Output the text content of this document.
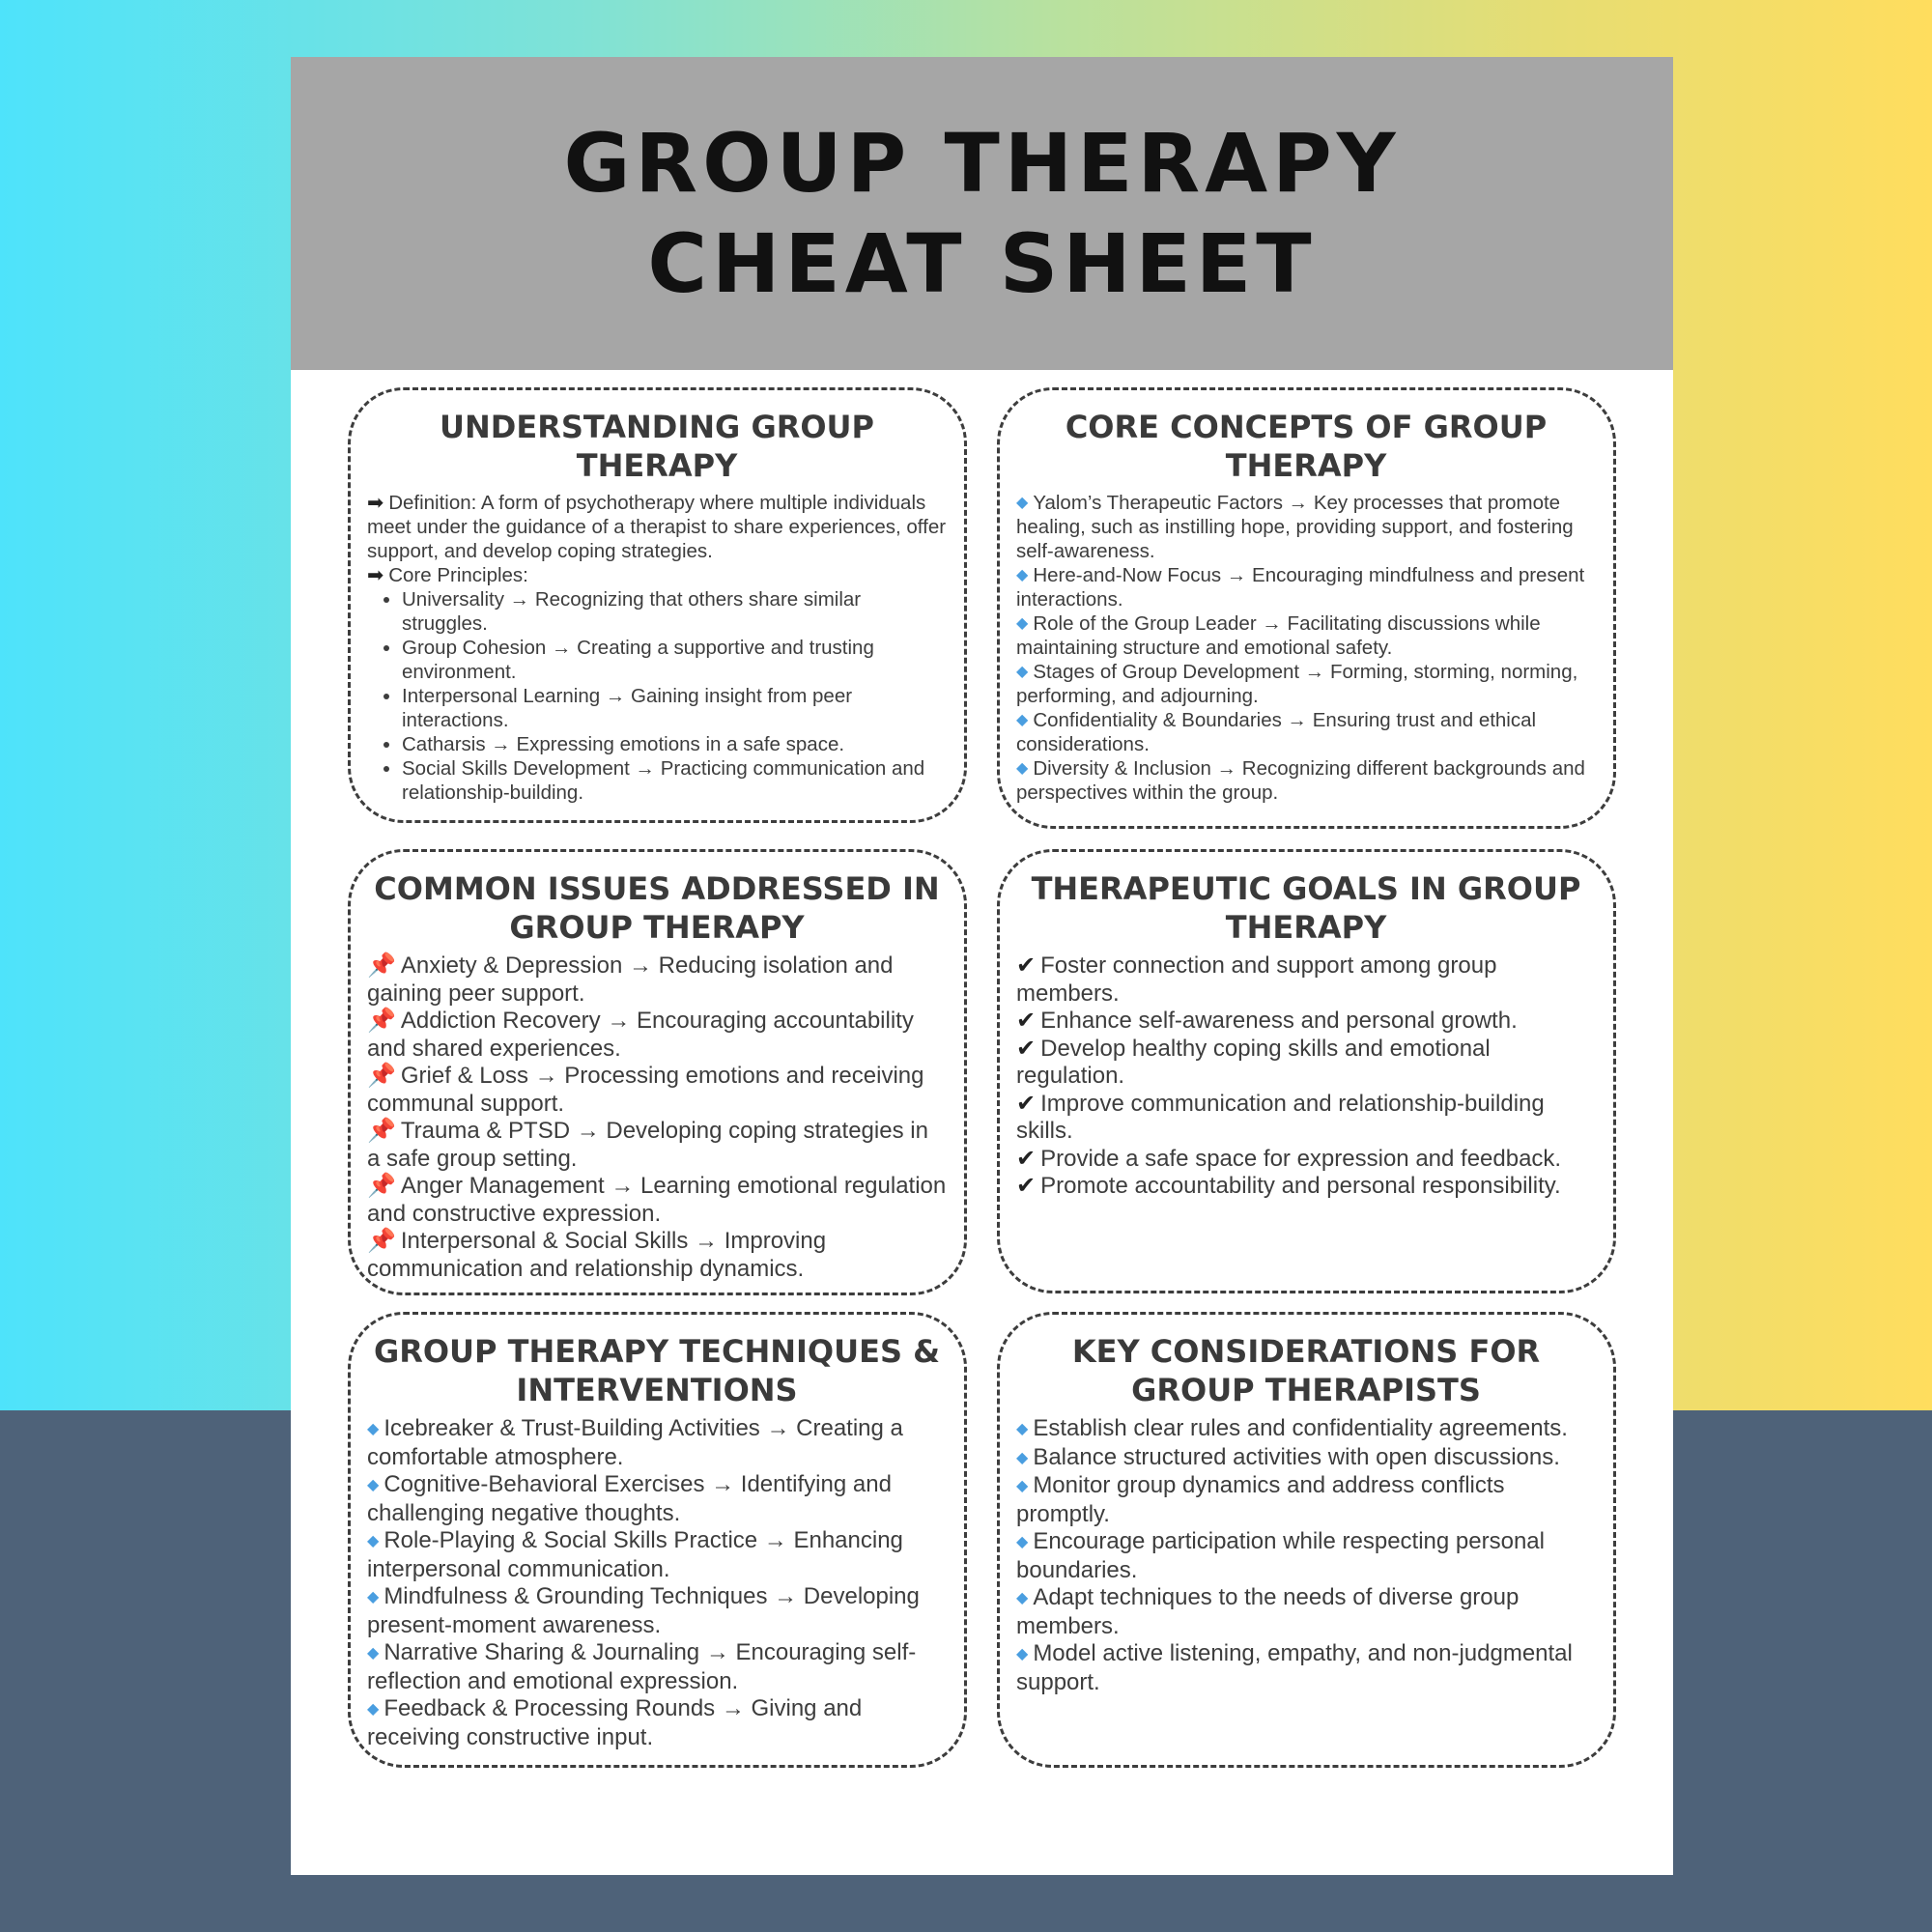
GROUP THERAPY
CHEAT SHEET
UNDERSTANDING GROUP THERAPY

➡ Definition: A form of psychotherapy where multiple individuals meet under the guidance of a therapist to share experiences, offer support, and develop coping strategies.

➡ Core Principles:

• Universality → Recognizing that others share similar struggles.
• Group Cohesion → Creating a supportive and trusting environment.
• Interpersonal Learning → Gaining insight from peer interactions.
• Catharsis → Expressing emotions in a safe space.
• Social Skills Development → Practicing communication and relationship-building.
CORE CONCEPTS OF GROUP THERAPY

◆ Yalom’s Therapeutic Factors → Key processes that promote healing, such as instilling hope, providing support, and fostering self-awareness.

◆ Here-and-Now Focus → Encouraging mindfulness and present interactions.

◆ Role of the Group Leader → Facilitating discussions while maintaining structure and emotional safety.

◆ Stages of Group Development → Forming, storming, norming, performing, and adjourning.

◆ Confidentiality & Boundaries → Ensuring trust and ethical considerations.

◆ Diversity & Inclusion → Recognizing different backgrounds and perspectives within the group.

COMMON ISSUES ADDRESSED IN GROUP THERAPY

📌 Anxiety & Depression → Reducing isolation and gaining peer support.

📌 Addiction Recovery → Encouraging accountability and shared experiences.

📌 Grief & Loss → Processing emotions and receiving communal support.

📌 Trauma & PTSD → Developing coping strategies in a safe group setting.

📌 Anger Management → Learning emotional regulation and constructive expression.

📌 Interpersonal & Social Skills → Improving communication and relationship dynamics.

THERAPEUTIC GOALS IN GROUP THERAPY

✔ Foster connection and support among group members.

✔ Enhance self-awareness and personal growth.

✔ Develop healthy coping skills and emotional regulation.

✔ Improve communication and relationship-building skills.

✔ Provide a safe space for expression and feedback.

✔ Promote accountability and personal responsibility.

GROUP THERAPY TECHNIQUES & INTERVENTIONS

◆ Icebreaker & Trust-Building Activities → Creating a comfortable atmosphere.

◆ Cognitive-Behavioral Exercises → Identifying and challenging negative thoughts.

◆ Role-Playing & Social Skills Practice → Enhancing interpersonal communication.

◆ Mindfulness & Grounding Techniques → Developing present-moment awareness.

◆ Narrative Sharing & Journaling → Encouraging self-reflection and emotional expression.

◆ Feedback & Processing Rounds → Giving and receiving constructive input.

KEY CONSIDERATIONS FOR GROUP THERAPISTS

◆ Establish clear rules and confidentiality agreements.

◆ Balance structured activities with open discussions.

◆ Monitor group dynamics and address conflicts promptly.

◆ Encourage participation while respecting personal boundaries.

◆ Adapt techniques to the needs of diverse group members.

◆ Model active listening, empathy, and non-judgmental support.
